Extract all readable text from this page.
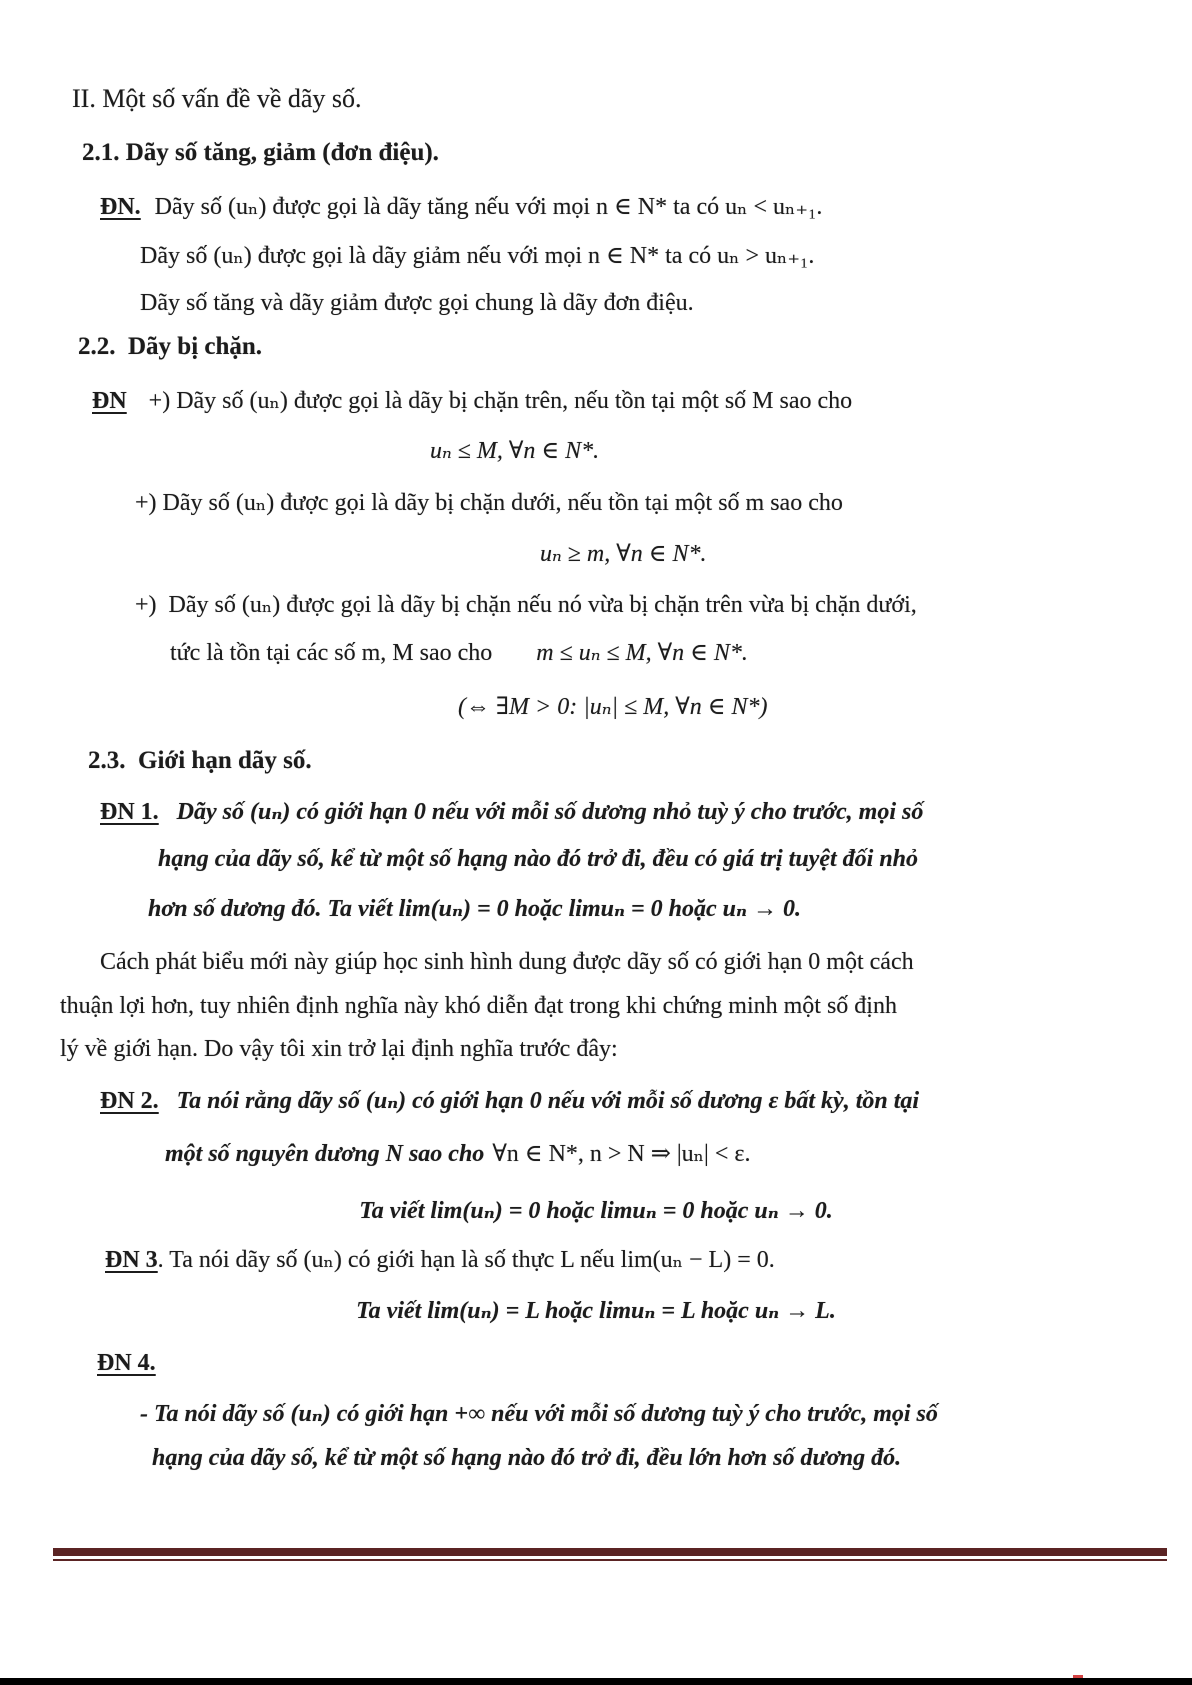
II. Một số vấn đề về dãy số.
2.1. Dãy số tăng, giảm (đơn điệu).
ĐN. Dãy số (uₙ) được gọi là dãy tăng nếu với mọi n ∈ N* ta có uₙ < uₙ₊₁.
Dãy số (uₙ) được gọi là dãy giảm nếu với mọi n ∈ N* ta có uₙ > uₙ₊₁.
Dãy số tăng và dãy giảm được gọi chung là dãy đơn điệu.
2.2.  Dãy bị chặn.
ĐN +) Dãy số (uₙ) được gọi là dãy bị chặn trên, nếu tồn tại một số M sao cho
uₙ ≤ M, ∀n ∈ N*.
+) Dãy số (uₙ) được gọi là dãy bị chặn dưới, nếu tồn tại một số m sao cho
uₙ ≥ m, ∀n ∈ N*.
+)  Dãy số (uₙ) được gọi là dãy bị chặn nếu nó vừa bị chặn trên vừa bị chặn dưới,
tức là tồn tại các số m, M sao cho m ≤ uₙ ≤ M, ∀n ∈ N*.
(⇔ ∃M > 0: |uₙ| ≤ M, ∀n ∈ N*)
2.3.  Giới hạn dãy số.
ĐN 1. Dãy số (uₙ) có giới hạn 0 nếu với mỗi số dương nhỏ tuỳ ý cho trước, mọi số
hạng của dãy số, kể từ một số hạng nào đó trở đi, đều có giá trị tuyệt đối nhỏ
hơn số dương đó. Ta viết lim(uₙ) = 0 hoặc limuₙ = 0 hoặc uₙ → 0.
Cách phát biểu mới này giúp học sinh hình dung được dãy số có giới hạn 0 một cách
thuận lợi hơn, tuy nhiên định nghĩa này khó diễn đạt trong khi chứng minh một số định
lý về giới hạn. Do vậy tôi xin trở lại định nghĩa trước đây:
ĐN 2. Ta nói rằng dãy số (uₙ) có giới hạn 0 nếu với mỗi số dương ε bất kỳ, tồn tại
một số nguyên dương N sao cho ∀n ∈ N*, n > N ⇒ |uₙ| < ε.
Ta viết lim(uₙ) = 0 hoặc limuₙ = 0 hoặc uₙ → 0.
ĐN 3. Ta nói dãy số (uₙ) có giới hạn là số thực L nếu lim(uₙ − L) = 0.
Ta viết lim(uₙ) = L hoặc limuₙ = L hoặc uₙ → L.
ĐN 4.
- Ta nói dãy số (uₙ) có giới hạn +∞ nếu với mỗi số dương tuỳ ý cho trước, mọi số
hạng của dãy số, kể từ một số hạng nào đó trở đi, đều lớn hơn số dương đó.
